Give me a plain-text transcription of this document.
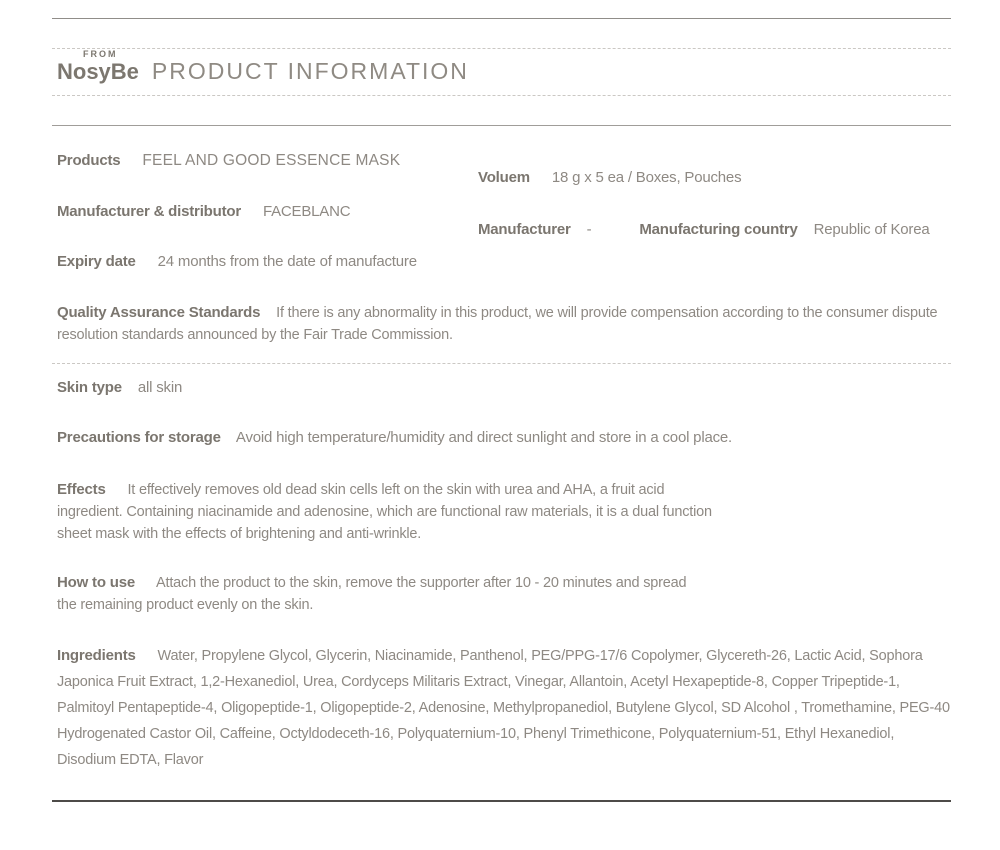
FROM
NosyBe PRODUCT INFORMATION
Products FEEL AND GOOD ESSENCE MASK
Manufacturer & distributor FACEBLANC
Expiry date 24 months from the date of manufacture
Voluem 18 g x 5 ea / Boxes, Pouches
Manufacturer -	Manufacturing country Republic of Korea

Quality Assurance Standards If there is any abnormality in this product, we will provide compensation according to the consumer dispute resolution standards announced by the Fair Trade Commission.

Skin type all skin
Precautions for storage Avoid high temperature/humidity and direct sunlight and store in a cool place.

Effects It effectively removes old dead skin cells left on the skin with urea and AHA, a fruit acid ingredient. Containing niacinamide and adenosine, which are functional raw materials, it is a dual function sheet mask with the effects of brightening and anti-wrinkle.

How to use Attach the product to the skin, remove the supporter after 10 - 20 minutes and spread the remaining product evenly on the skin.

Ingredients Water, Propylene Glycol, Glycerin, Niacinamide, Panthenol, PEG/PPG-17/6 Copolymer, Glycereth-26, Lactic Acid, Sophora Japonica Fruit Extract, 1,2-Hexanediol, Urea, Cordyceps Militaris Extract, Vinegar, Allantoin, Acetyl Hexapeptide-8, Copper Tripeptide-1, Palmitoyl Pentapeptide-4, Oligopeptide-1, Oligopeptide-2, Adenosine, Methylpropanediol, Butylene Glycol, SD Alcohol , Tromethamine, PEG-40 Hydrogenated Castor Oil, Caffeine, Octyldodeceth-16, Polyquaternium-10, Phenyl Trimethicone, Polyquaternium-51, Ethyl Hexanediol, Disodium EDTA, Flavor
